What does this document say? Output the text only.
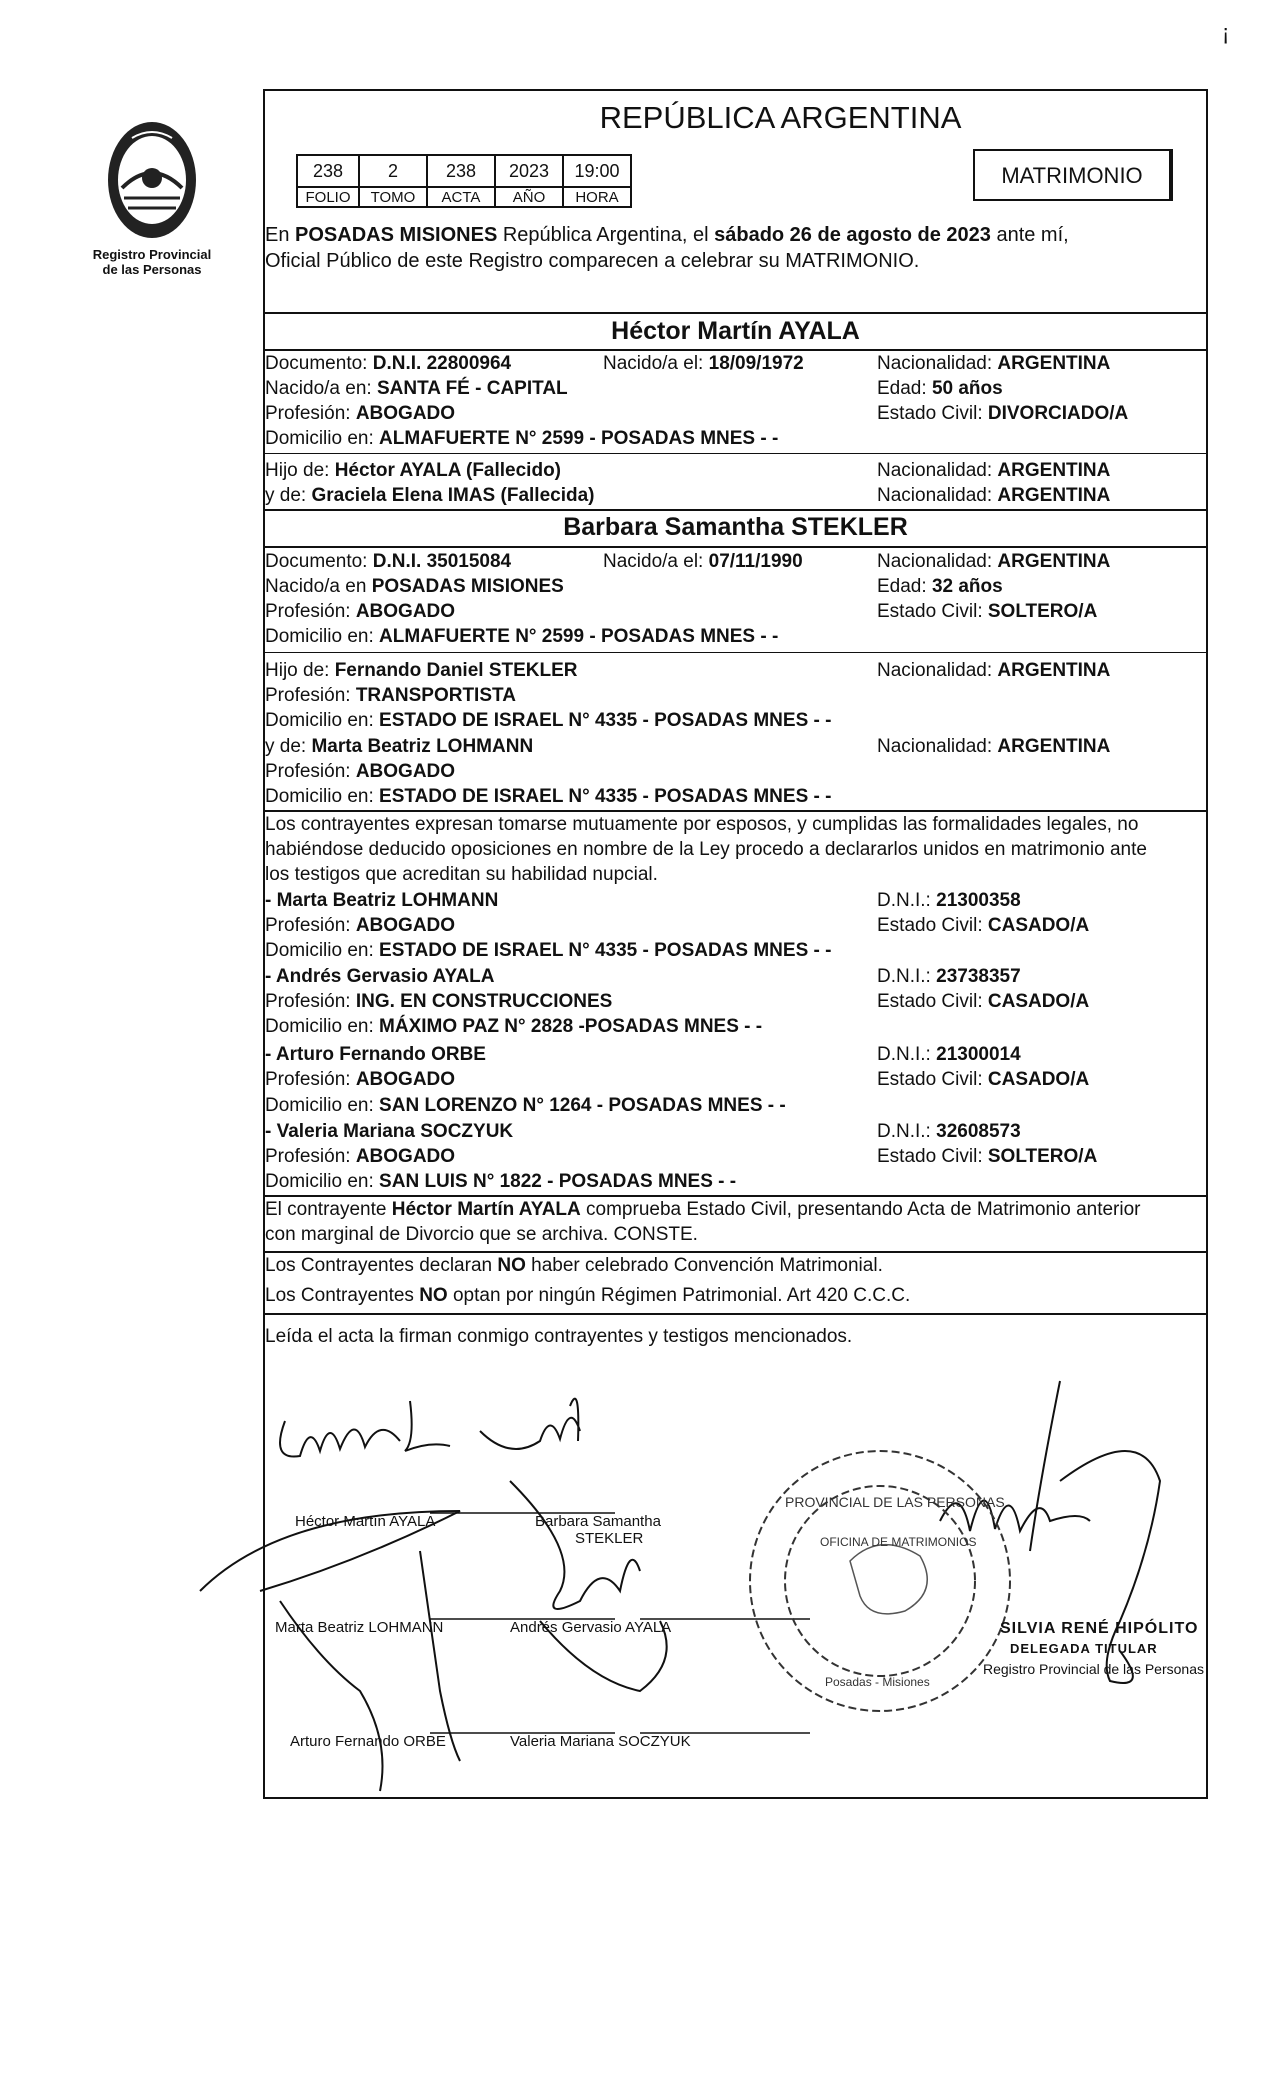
¡
Registro Provincial
de las Personas
REPÚBLICA ARGENTINA
238	2	238	2023	19:00
FOLIO	TOMO	ACTA	AÑO	HORA
MATRIMONIO
En POSADAS MISIONES República Argentina, el sábado 26 de agosto de 2023 ante mí,
Oficial Público de este Registro comparecen a celebrar su MATRIMONIO.
Héctor Martín AYALA
Documento: D.N.I. 22800964	Nacido/a el: 18/09/1972	Nacionalidad: ARGENTINA
Nacido/a en: SANTA FÉ - CAPITAL	Edad: 50 años
Profesión: ABOGADO	Estado Civil: DIVORCIADO/A
Domicilio en: ALMAFUERTE N° 2599 - POSADAS MNES - -
Hijo de: Héctor AYALA (Fallecido)	Nacionalidad: ARGENTINA
y de: Graciela Elena IMAS (Fallecida)	Nacionalidad: ARGENTINA
Barbara Samantha STEKLER
Documento: D.N.I. 35015084	Nacido/a el: 07/11/1990	Nacionalidad: ARGENTINA
Nacido/a en POSADAS MISIONES	Edad: 32 años
Profesión: ABOGADO	Estado Civil: SOLTERO/A
Domicilio en: ALMAFUERTE N° 2599 - POSADAS MNES - -
Hijo de: Fernando Daniel STEKLER	Nacionalidad: ARGENTINA
Profesión: TRANSPORTISTA
Domicilio en: ESTADO DE ISRAEL N° 4335 - POSADAS MNES - -
y de: Marta Beatriz LOHMANN	Nacionalidad: ARGENTINA
Profesión: ABOGADO
Domicilio en: ESTADO DE ISRAEL N° 4335 - POSADAS MNES - -
Los contrayentes expresan tomarse mutuamente por esposos, y cumplidas las formalidades legales, no
habiéndose deducido oposiciones en nombre de la Ley procedo a declararlos unidos en matrimonio ante
los testigos que acreditan su habilidad nupcial.
- Marta Beatriz LOHMANN	D.N.I.: 21300358
Profesión: ABOGADO	Estado Civil: CASADO/A
Domicilio en: ESTADO DE ISRAEL N° 4335 - POSADAS MNES - -
- Andrés Gervasio AYALA	D.N.I.: 23738357
Profesión: ING. EN CONSTRUCCIONES	Estado Civil: CASADO/A
Domicilio en: MÁXIMO PAZ N° 2828 -POSADAS MNES - -
- Arturo Fernando ORBE	D.N.I.: 21300014
Profesión: ABOGADO	Estado Civil: CASADO/A
Domicilio en: SAN LORENZO N° 1264 - POSADAS MNES - -
- Valeria Mariana SOCZYUK	D.N.I.: 32608573
Profesión: ABOGADO	Estado Civil: SOLTERO/A
Domicilio en: SAN LUIS N° 1822 - POSADAS MNES - -
El contrayente Héctor Martín AYALA comprueba Estado Civil, presentando Acta de Matrimonio anterior
con marginal de Divorcio que se archiva. CONSTE.
Los Contrayentes declaran NO haber celebrado Convención Matrimonial.
Los Contrayentes NO optan por ningún Régimen Patrimonial. Art 420 C.C.C.
Leída el acta la firman conmigo contrayentes y testigos mencionados.
Héctor Martín AYALA	Barbara Samantha
STEKLER
Marta Beatriz LOHMANN	Andrés Gervasio AYALA
Arturo Fernando ORBE	Valeria Mariana SOCZYUK
PROVINCIAL DE LAS PERSONAS
OFICINA DE MATRIMONIOS
Posadas - Misiones
SILVIA RENÉ HIPÓLITO
DELEGADA TITULAR
Registro Provincial de las Personas
